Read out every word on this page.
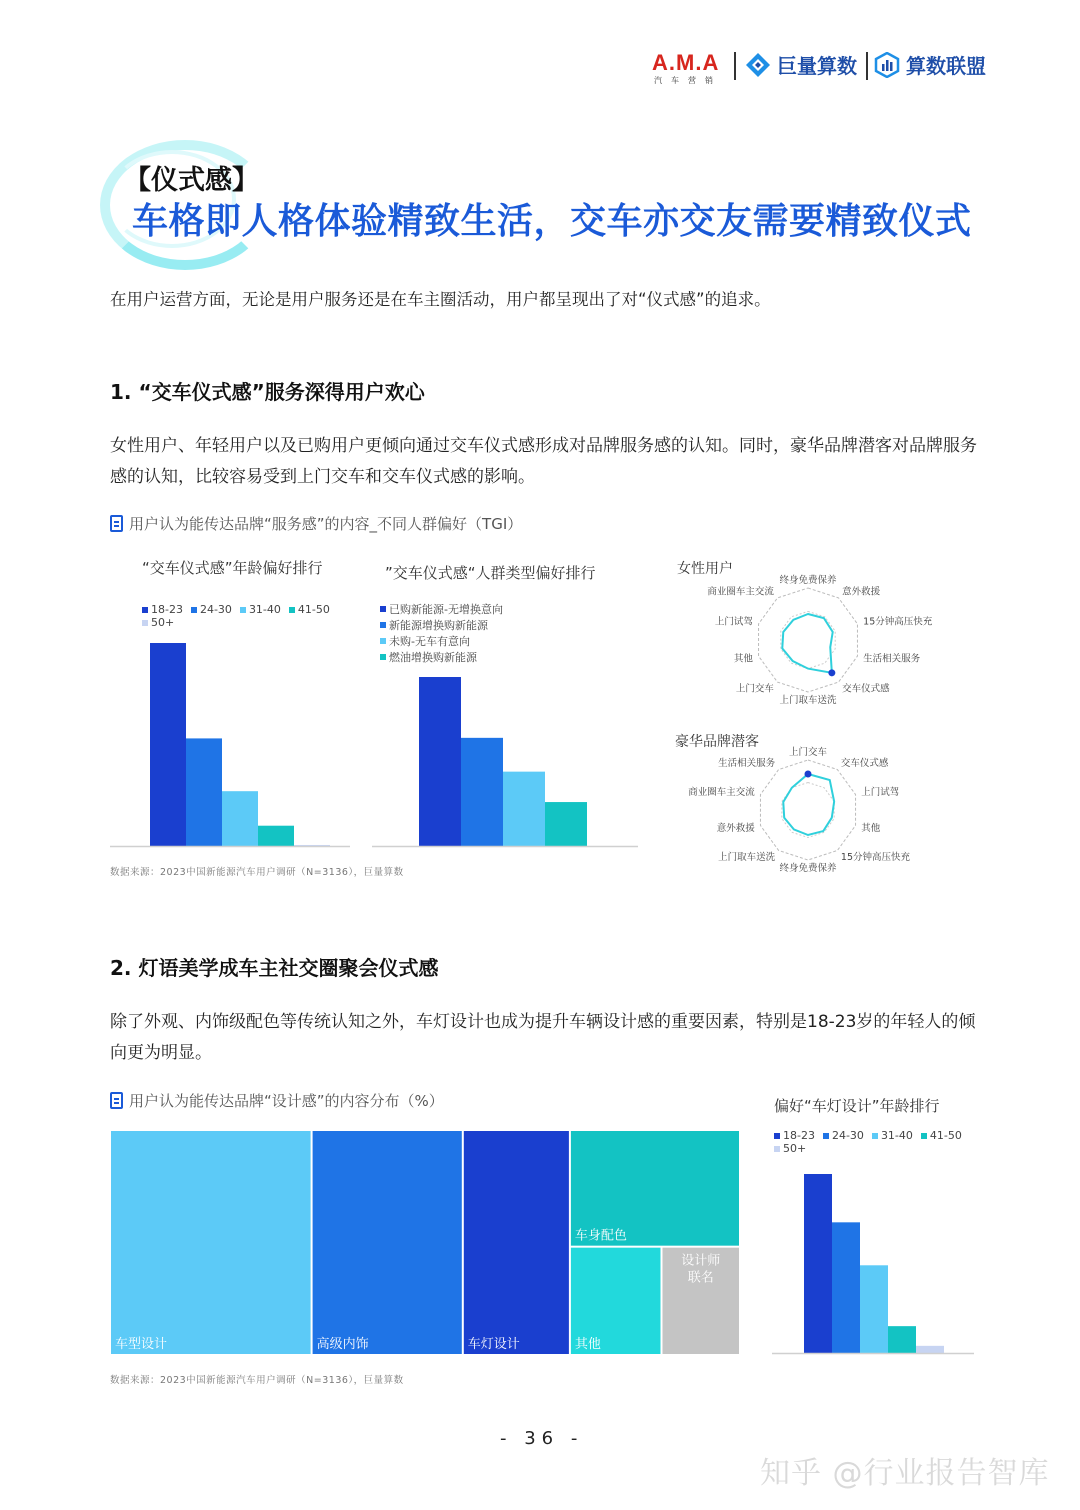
A.M.A
汽车营销
巨量算数 算数联盟
【仪式感】
车格即人格体验精致生活，交车亦交友需要精致仪式
在用户运营方面，无论是用户服务还是在车主圈活动，用户都呈现出了对“仪式感”的追求。
1. “交车仪式感”服务深得用户欢心
女性用户、年轻用户以及已购用户更倾向通过交车仪式感形成对品牌服务感的认知。同时，豪华品牌潜客对品牌服务感的认知，比较容易受到上门交车和交车仪式感的影响。
用户认为能传达品牌“服务感”的内容_不同人群偏好（TGI）
“交车仪式感”年龄偏好排行
18-23 24-30 31-40 41-50
50+
”交车仪式感“人群类型偏好排行
已购新能源-无增换意向
新能源增换购新能源
未购-无车有意向
燃油增换购新能源
女性用户
终身免费保养
意外救援
15分钟高压快充
生活相关服务
交车仪式感
上门取车送洗
上门交车
其他
上门试驾
商业圈车主交流
豪华品牌潜客
上门交车
交车仪式感
上门试驾
其他
15分钟高压快充
终身免费保养
上门取车送洗
意外救援
商业圈车主交流
生活相关服务
数据来源：2023中国新能源汽车用户调研（N=3136），巨量算数
2. 灯语美学成车主社交圈聚会仪式感
除了外观、内饰级配色等传统认知之外，车灯设计也成为提升车辆设计感的重要因素，特别是18-23岁的年轻人的倾向更为明显。
用户认为能传达品牌“设计感”的内容分布（%）
车型设计	高级内饰	车灯设计
车身配色
其他
设计师
联名
偏好“车灯设计”年龄排行
18-23 24-30 31-40 41-50
50+
数据来源：2023中国新能源汽车用户调研（N=3136），巨量算数
- 36 -
知乎 @行业报告智库
